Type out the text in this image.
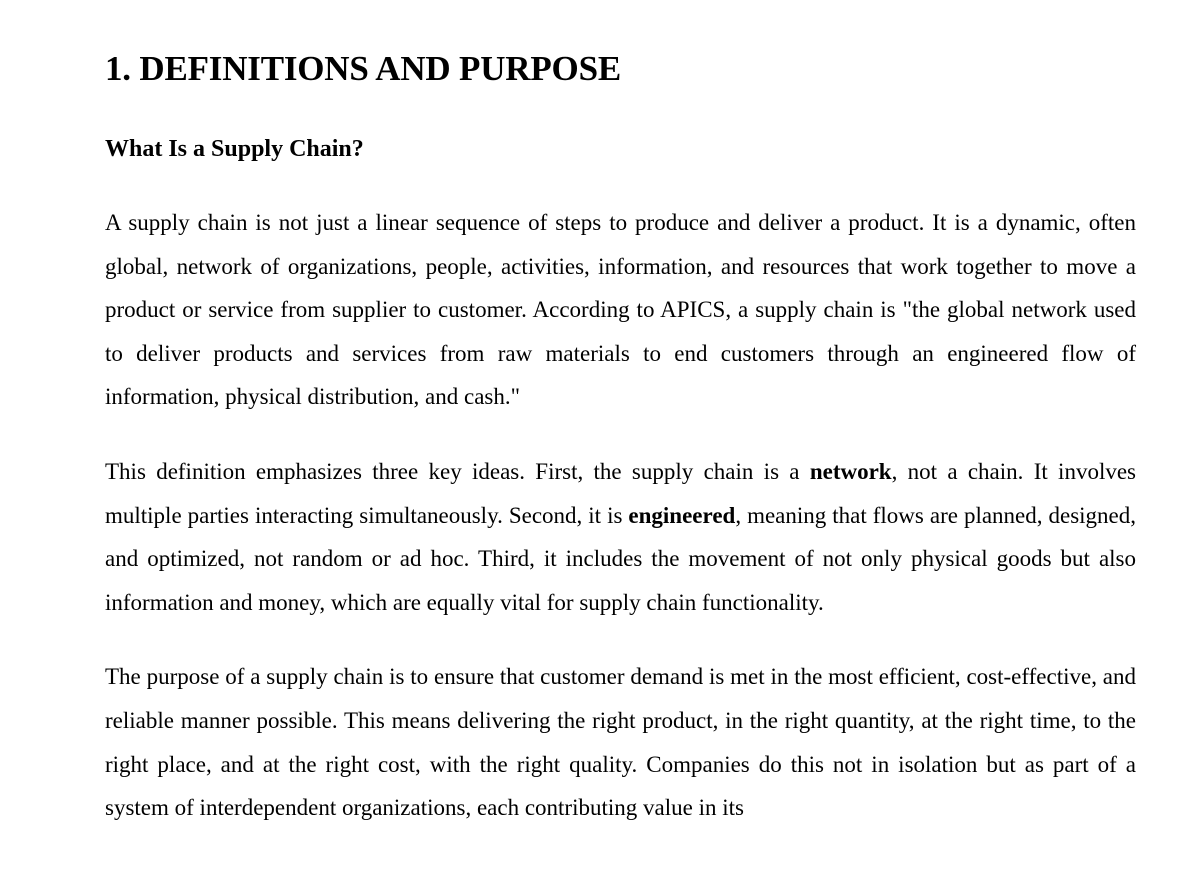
1. DEFINITIONS AND PURPOSE
What Is a Supply Chain?

A supply chain is not just a linear sequence of steps to produce and deliver a product. It is a dynamic, often global, network of organizations, people, activities, information, and resources that work together to move a product or service from supplier to customer. According to APICS, a supply chain is "the global network used to deliver products and services from raw materials to end customers through an engineered flow of information, physical distribution, and cash."

This definition emphasizes three key ideas. First, the supply chain is a network, not a chain. It involves multiple parties interacting simultaneously. Second, it is engineered, meaning that flows are planned, designed, and optimized, not random or ad hoc. Third, it includes the movement of not only physical goods but also information and money, which are equally vital for supply chain functionality.

The purpose of a supply chain is to ensure that customer demand is met in the most efficient, cost-effective, and reliable manner possible. This means delivering the right product, in the right quantity, at the right time, to the right place, and at the right cost, with the right quality. Companies do this not in isolation but as part of a system of interdependent organizations, each contributing value in its
